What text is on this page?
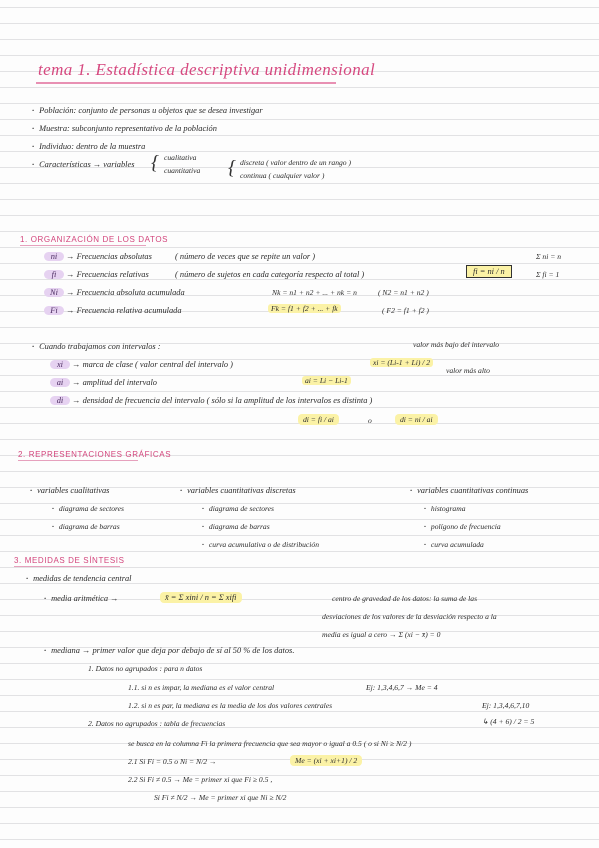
tema 1. Estadística descriptiva unidimensional
· Población: conjunto de personas u objetos que se desea investigar
· Muestra: subconjunto representativo de la población
· Individuo: dentro de la muestra
· Características → variables { cualitativa
cuantitativa { discreta ( valor dentro de un rango )
continua ( cualquier valor )
1. ORGANIZACIÓN DE LOS DATOS
ni → Frecuencias absolutas	( número de veces que se repite un valor )
fi → Frecuencias relativas	( número de sujetos en cada categoría respecto al total )	fi = ni / n
Σ ni = n
Σ fi = 1
Ni → Frecuencia absoluta acumulada	Nk = n1 + n2 + ... + nk = n	( N2 = n1 + n2 )
Fi → Frecuencia relativa acumulada	Fk = f1 + f2 + ... + fk	( F2 = f1 + f2 )
· Cuando trabajamos con intervalos :	valor más bajo del intervalo
xi = (Li-1 + Li) / 2
valor más alto
xi → marca de clase ( valor central del intervalo )
ai → amplitud del intervalo	ai = Li − Li-1
di → densidad de frecuencia del intervalo ( sólo si la amplitud de los intervalos es distinta )
di = fi / ai	o	di = ni / ai
2. REPRESENTACIONES GRÁFICAS
· variables cualitativas
· diagrama de sectores
· diagrama de barras
· variables cuantitativas discretas
· diagrama de sectores
· diagrama de barras
· curva acumulativa o de distribución
· variables cuantitativas continuas
· histograma
· polígono de frecuencia
· curva acumulada
3. MEDIDAS DE SÍNTESIS
· medidas de tendencia central
· media aritmética →	x̄ = Σ xini / n = Σ xifi	centro de gravedad de los datos: la suma de las
desviaciones de los valores de la desviación respecto a la
media es igual a cero → Σ (xi − x̄) = 0
· mediana → primer valor que deja por debajo de sí al 50 % de los datos.
1. Datos no agrupados : para n datos
1.1. si n es impar, la mediana es el valor central	Ej: 1,3,4,6,7 → Me = 4
1.2. si n es par, la mediana es la media de los dos valores centrales	Ej: 1,3,4,6,7,10
↳ (4 + 6) / 2 = 5
2. Datos no agrupados : tabla de frecuencias
se busca en la columna Fi la primera frecuencia que sea mayor o igual a 0.5 ( o si Ni ≥ N/2 )
2.1 Si Fi = 0.5 o Ni = N/2 →	Me = (xi + xi+1) / 2
2.2 Si Fi ≠ 0.5 → Me = primer xi que Fi ≥ 0.5 ,
Si Fi ≠ N/2 → Me = primer xi que Ni ≥ N/2
